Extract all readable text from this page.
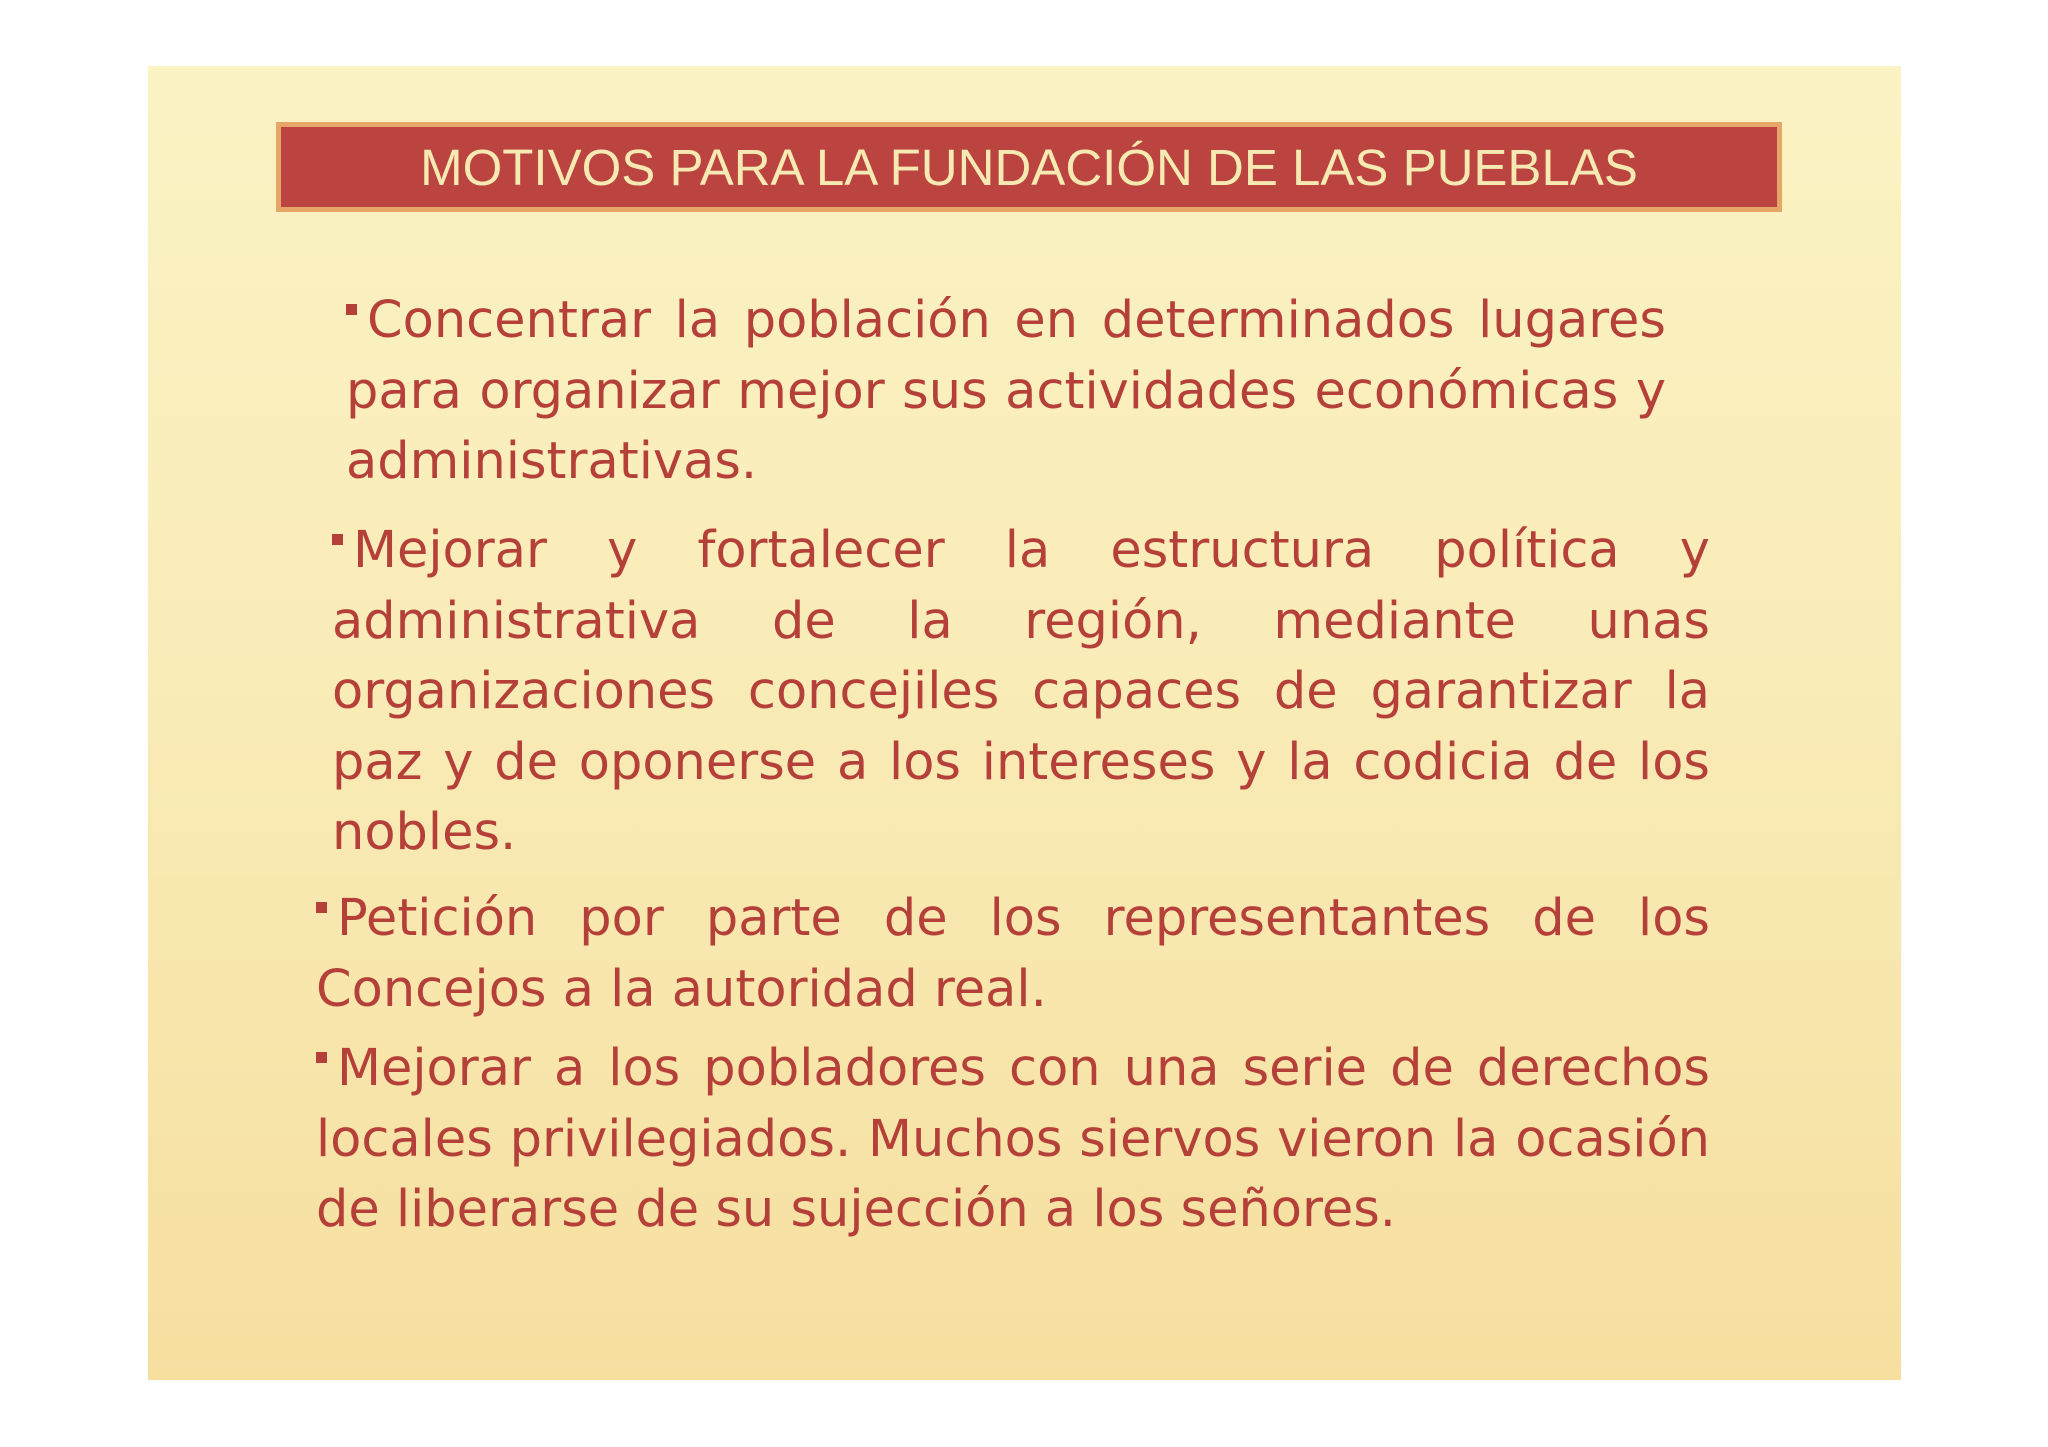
MOTIVOS PARA LA FUNDACIÓN DE LAS PUEBLAS

Concentrar la población en determinados lugares para organizar mejor sus actividades económicas y administrativas.

Mejorar y fortalecer la estructura política y administrativa de la región, mediante unas organizaciones concejiles capaces de garantizar la paz y de oponerse a los intereses y la codicia de los nobles.

Petición por parte de los representantes de los Concejos a la autoridad real.

Mejorar a los pobladores con una serie de derechos locales privilegiados. Muchos siervos vieron la ocasión de liberarse de su sujección a los señores.
